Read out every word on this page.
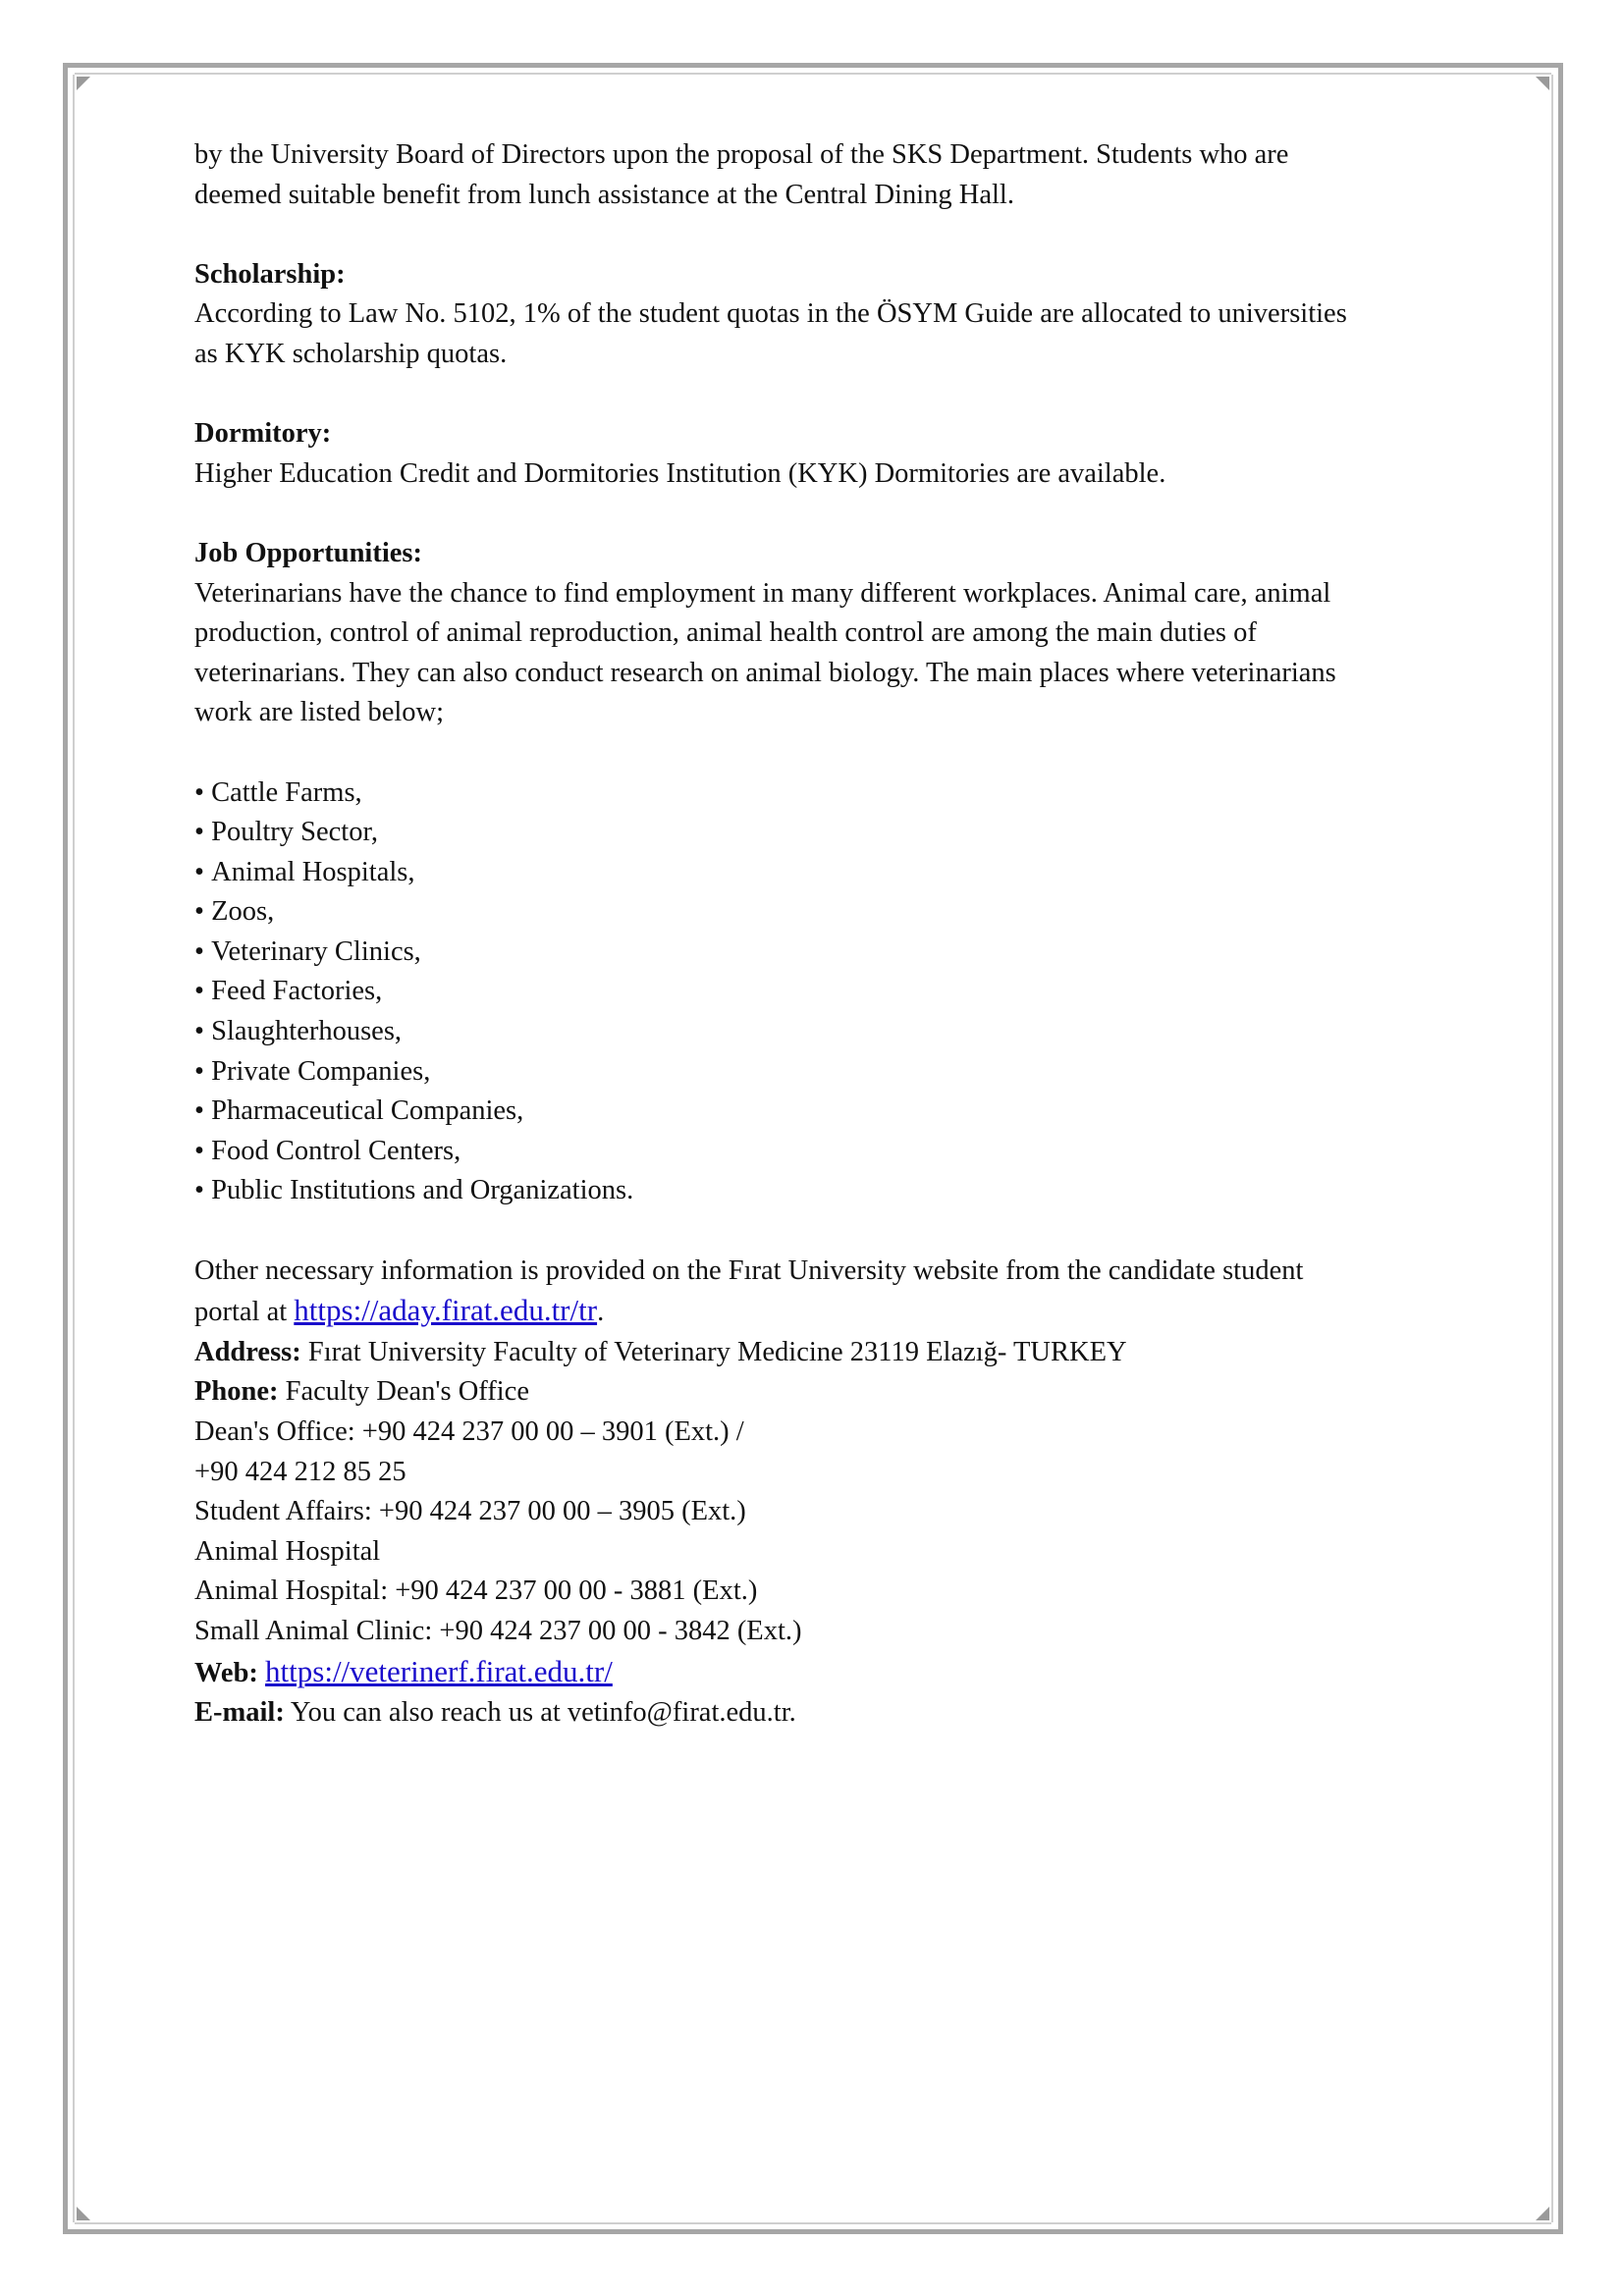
by the University Board of Directors upon the proposal of the SKS Department. Students who are

deemed suitable benefit from lunch assistance at the Central Dining Hall.

Scholarship:

According to Law No. 5102, 1% of the student quotas in the ÖSYM Guide are allocated to universities

as KYK scholarship quotas.

Dormitory:

Higher Education Credit and Dormitories Institution (KYK) Dormitories are available.

Job Opportunities:

Veterinarians have the chance to find employment in many different workplaces. Animal care, animal

production, control of animal reproduction, animal health control are among the main duties of

veterinarians. They can also conduct research on animal biology. The main places where veterinarians

work are listed below;

• Cattle Farms,
• Poultry Sector,
• Animal Hospitals,
• Zoos,
• Veterinary Clinics,
• Feed Factories,
• Slaughterhouses,
• Private Companies,
• Pharmaceutical Companies,
• Food Control Centers,
• Public Institutions and Organizations.

Other necessary information is provided on the Fırat University website from the candidate student

portal at https://aday.firat.edu.tr/tr.

Address: Fırat University Faculty of Veterinary Medicine 23119 Elazığ- TURKEY

Phone: Faculty Dean's Office

Dean's Office: +90 424 237 00 00 – 3901 (Ext.) /

+90 424 212 85 25

Student Affairs: +90 424 237 00 00 – 3905 (Ext.)

Animal Hospital

Animal Hospital: +90 424 237 00 00 - 3881 (Ext.)

Small Animal Clinic: +90 424 237 00 00 - 3842 (Ext.)

Web: https://veterinerf.firat.edu.tr/

E-mail: You can also reach us at vetinfo@firat.edu.tr.
